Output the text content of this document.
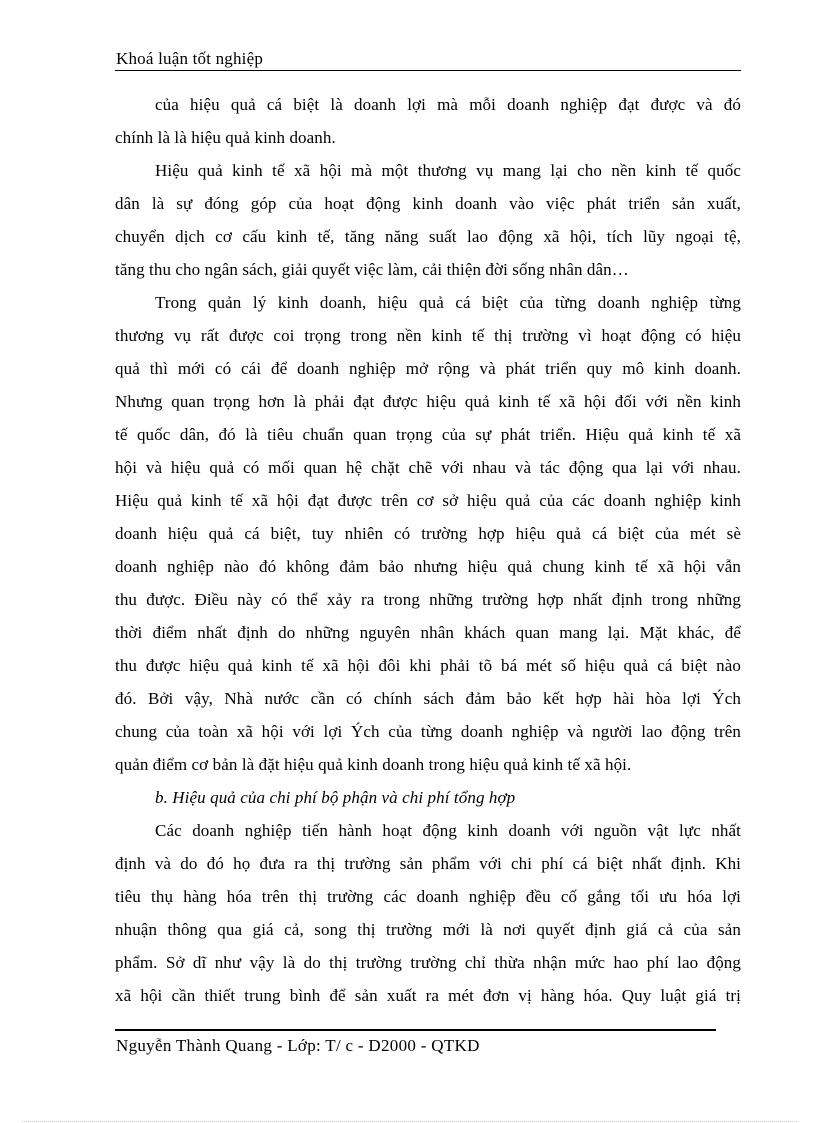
Khoá luận tốt nghiệp
của hiệu quả cá biệt là doanh lợi mà mỗi doanh nghiệp đạt được và đó
chính là là hiệu quả kinh doanh.
Hiệu quả kinh tế xã hội mà một thương vụ mang lại cho nền kinh tế quốc
dân là sự đóng góp của hoạt động kinh doanh vào việc phát triển sản xuất,
chuyển dịch cơ cấu kinh tế, tăng năng suất lao động xã hội, tích lũy ngoại tệ,
tăng thu cho ngân sách, giải quyết việc làm, cải thiện đời sống nhân dân…
Trong quản lý kinh doanh, hiệu quả cá biệt của từng doanh nghiệp từng
thương vụ rất được coi trọng trong nền kinh tế thị trường vì hoạt động có hiệu
quả thì mới có cái để doanh nghiệp mở rộng và phát triển quy mô kinh doanh.
Nhưng quan trọng hơn là phải đạt được hiệu quả kinh tế xã hội đối với nền kinh
tế quốc dân, đó là tiêu chuẩn quan trọng của sự phát triển. Hiệu quả kinh tế xã
hội và hiệu quả có mối quan hệ chặt chẽ với nhau và tác động qua lại với nhau.
Hiệu quả kinh tế xã hội đạt được trên cơ sở hiệu quả của các doanh nghiệp kinh
doanh hiệu quả cá biệt, tuy nhiên có trường hợp hiệu quả cá biệt của mét sè
doanh nghiệp nào đó không đảm bảo nhưng hiệu quả chung kinh tế xã hội vẫn
thu được. Điều này có thể xảy ra trong những trường hợp nhất định trong những
thời điểm nhất định do những nguyên nhân khách quan mang lại. Mặt khác, để
thu được hiệu quả kinh tế xã hội đôi khi phải tõ bá mét số hiệu quả cá biệt nào
đó. Bởi vậy, Nhà nước cần có chính sách đảm bảo kết hợp hài hòa lợi Ých
chung của toàn xã hội với lợi Ých của từng doanh nghiệp và người lao động trên
quản điểm cơ bản là đặt hiệu quả kinh doanh trong hiệu quả kinh tế xã hội.
b. Hiệu quả của chi phí bộ phận và chi phí tổng hợp
Các doanh nghiệp tiến hành hoạt động kinh doanh với nguồn vật lực nhất
định và do đó họ đưa ra thị trường sản phẩm với chi phí cá biệt nhất định. Khi
tiêu thụ hàng hóa trên thị trường các doanh nghiệp đều cố gắng tối ưu hóa lợi
nhuận thông qua giá cả, song thị trường mới là nơi quyết định giá cả của sản
phẩm. Sở dĩ như vậy là do thị trường trường chỉ thừa nhận mức hao phí lao động
xã hội cần thiết trung bình để sản xuất ra mét đơn vị hàng hóa. Quy luật giá trị
Nguyễn Thành Quang - Lớp: T/ c - D2000 - QTKD
